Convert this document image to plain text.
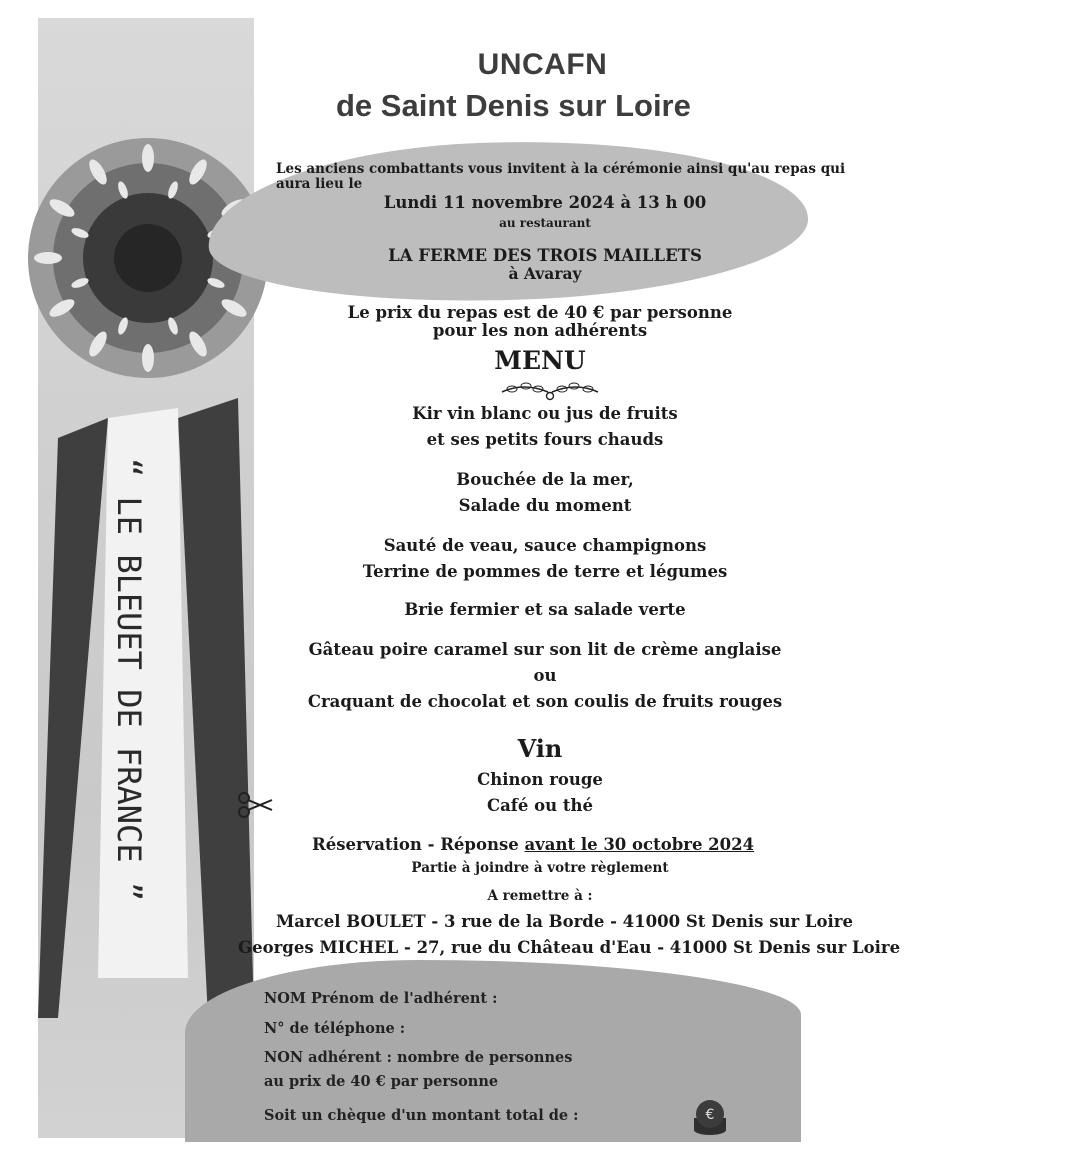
“ LE BLEUET DE FRANCE ”
UNCAFN
de Saint Denis sur Loire
Les anciens combattants vous invitent à la cérémonie ainsi qu'au repas qui
aura lieu le
Lundi 11 novembre 2024 à 13 h 00
au restaurant
LA FERME DES TROIS MAILLETS
à Avaray
Le prix du repas est de 40 € par personne
pour les non adhérents
MENU
Kir vin blanc ou jus de fruits
et ses petits fours chauds
Bouchée de la mer,
Salade du moment
Sauté de veau, sauce champignons
Terrine de pommes de terre et légumes
Brie fermier et sa salade verte
Gâteau poire caramel sur son lit de crème anglaise
ou
Craquant de chocolat et son coulis de fruits rouges
Vin
Chinon rouge
Café ou thé
Réservation - Réponse avant le 30 octobre 2024
Partie à joindre à votre règlement
A remettre à :
Marcel BOULET - 3 rue de la Borde - 41000 St Denis sur Loire
Georges MICHEL - 27, rue du Château d'Eau - 41000 St Denis sur Loire
NOM Prénom de l'adhérent :
N° de téléphone :
NON adhérent : nombre de personnes
au prix de 40 € par personne
Soit un chèque d'un montant total de :	€
